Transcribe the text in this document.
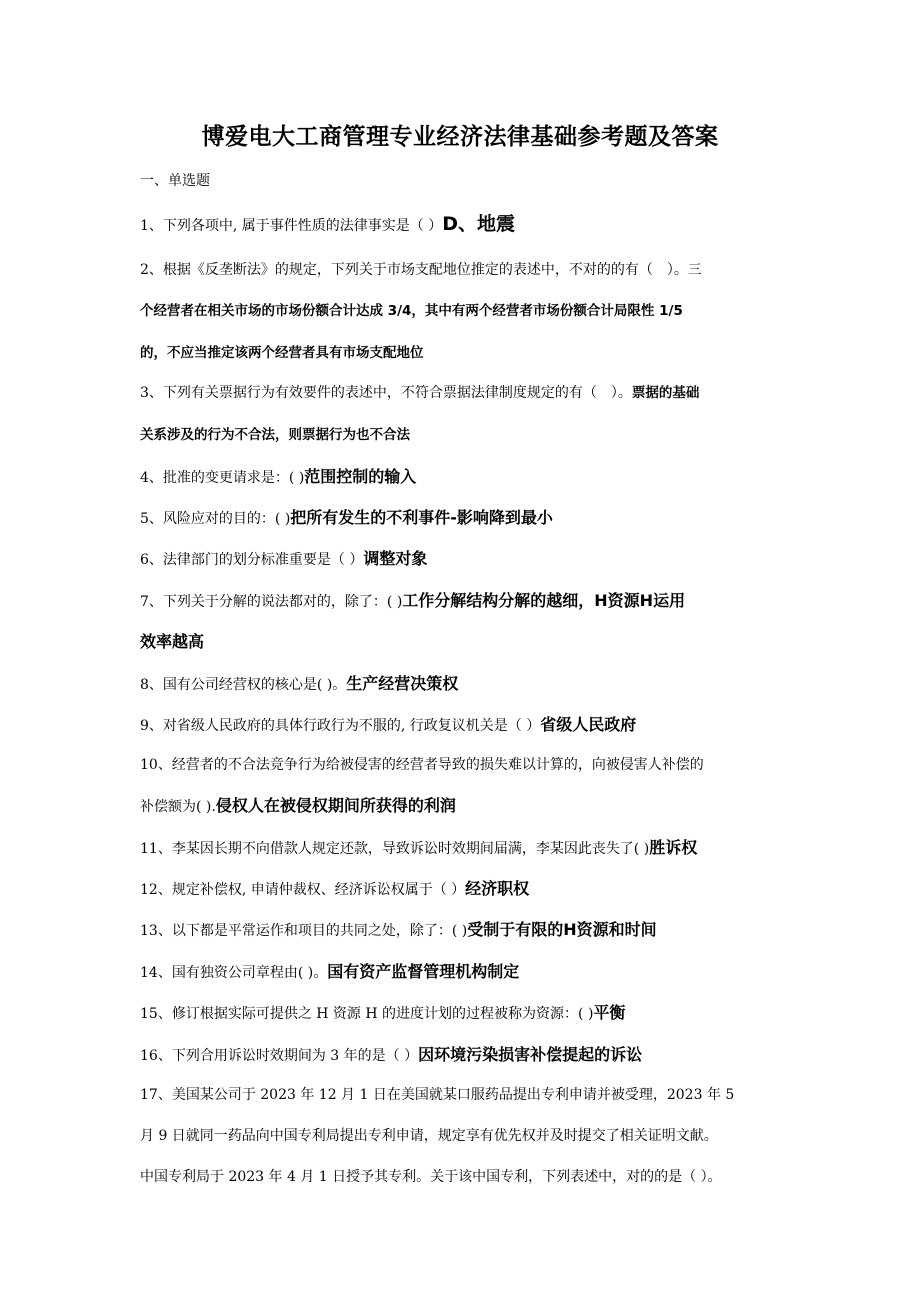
博爱电大工商管理专业经济法律基础参考题及答案
一、单选题
1、下列各项中, 属于事件性质的法律事实是（ ）D、地震
2、根据《反垄断法》的规定，下列关于市场支配地位推定的表述中，不对的的有（　）。三
个经营者在相关市场的市场份额合计达成 3/4，其中有两个经营者市场份额合计局限性 1/5
的，不应当推定该两个经营者具有市场支配地位
3、下列有关票据行为有效要件的表述中，不符合票据法律制度规定的有（　）。票据的基础
关系涉及的行为不合法，则票据行为也不合法
4、批准的变更请求是：( )范围控制的输入
5、风险应对的目的：( )把所有发生的不利事件-影响降到最小
6、法律部门的划分标准重要是（ ）调整对象
7、下列关于分解的说法都对的，除了：( )工作分解结构分解的越细，H资源H运用
效率越高
8、国有公司经营权的核心是( )。生产经营决策权
9、对省级人民政府的具体行政行为不服的, 行政复议机关是（ ）省级人民政府
10、经营者的不合法竞争行为给被侵害的经营者导致的损失难以计算的，向被侵害人补偿的
补偿额为( ).侵权人在被侵权期间所获得的利润
11、李某因长期不向借款人规定还款，导致诉讼时效期间届满，李某因此丧失了( )胜诉权
12、规定补偿权, 申请仲裁权、经济诉讼权属于（ ）经济职权
13、以下都是平常运作和项目的共同之处，除了：( )受制于有限的H资源和时间
14、国有独资公司章程由( )。国有资产监督管理机构制定
15、修订根据实际可提供之 H 资源 H 的进度计划的过程被称为资源：( )平衡
16、下列合用诉讼时效期间为 3 年的是（ ）因环境污染损害补偿提起的诉讼
17、美国某公司于 2023 年 12 月 1 日在美国就某口服药品提出专利申请并被受理，2023 年 5
月 9 日就同一药品向中国专利局提出专利申请，规定享有优先权并及时提交了相关证明文献。
中国专利局于 2023 年 4 月 1 日授予其专利。关于该中国专利，下列表述中，对的的是（ ）。
